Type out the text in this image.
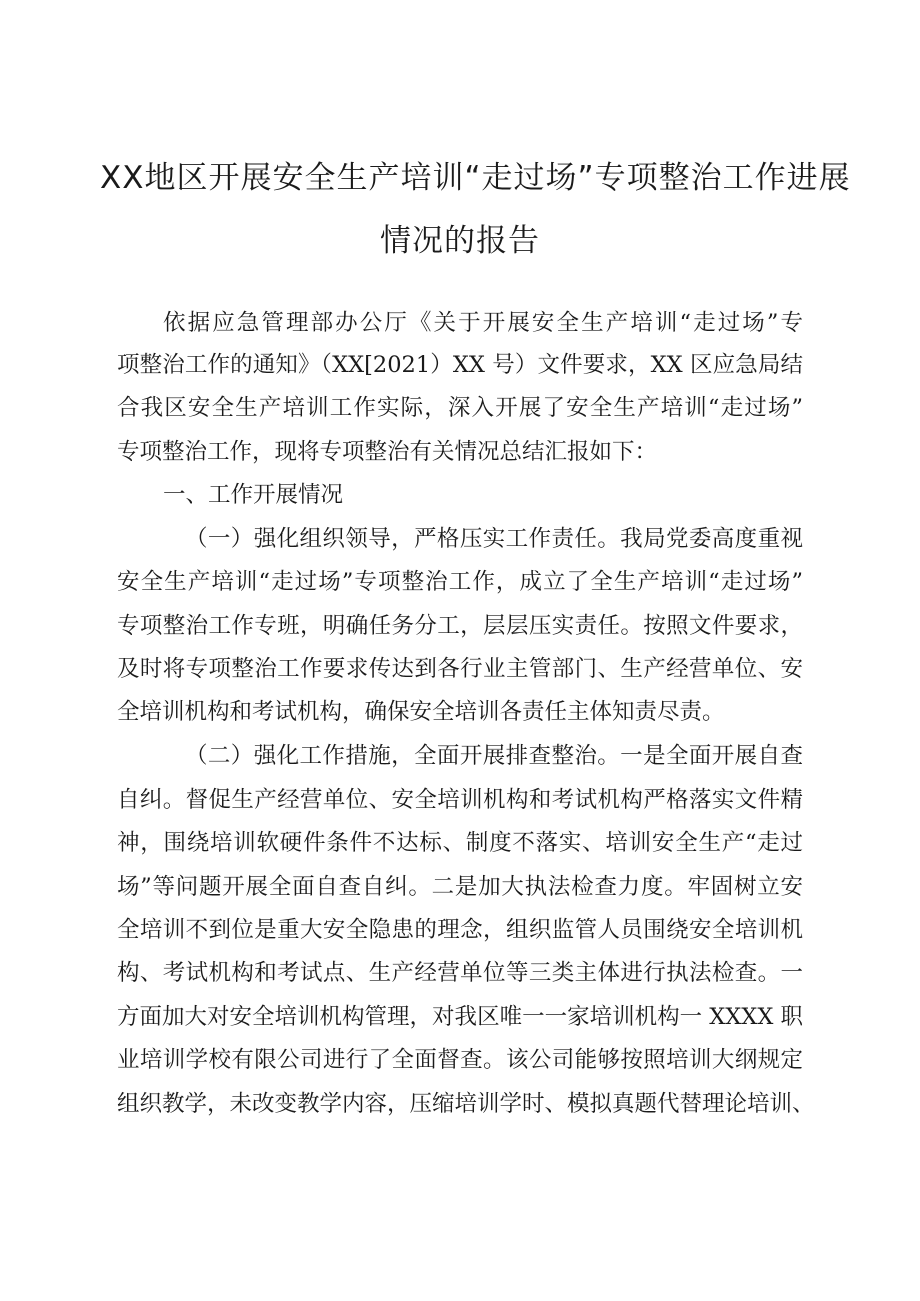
XX地区开展安全生产培训“走过场”专项整治工作进展
情况的报告
依据应急管理部办公厅《关于开展安全生产培训“走过场”专
项整治工作的通知》（XX[2021）XX 号）文件要求，XX 区应急局结
合我区安全生产培训工作实际，深入开展了安全生产培训“走过场”
专项整治工作，现将专项整治有关情况总结汇报如下：
一、工作开展情况
（一）强化组织领导，严格压实工作责任。我局党委高度重视
安全生产培训“走过场”专项整治工作，成立了全生产培训“走过场”
专项整治工作专班，明确任务分工，层层压实责任。按照文件要求，
及时将专项整治工作要求传达到各行业主管部门、生产经营单位、安
全培训机构和考试机构，确保安全培训各责任主体知责尽责。
（二）强化工作措施，全面开展排查整治。一是全面开展自查
自纠。督促生产经营单位、安全培训机构和考试机构严格落实文件精
神，围绕培训软硬件条件不达标、制度不落实、培训安全生产“走过
场”等问题开展全面自查自纠。二是加大执法检查力度。牢固树立安
全培训不到位是重大安全隐患的理念，组织监管人员围绕安全培训机
构、考试机构和考试点、生产经营单位等三类主体进行执法检查。一
方面加大对安全培训机构管理，对我区唯一一家培训机构一 XXXX 职
业培训学校有限公司进行了全面督查。该公司能够按照培训大纲规定
组织教学，未改变教学内容，压缩培训学时、模拟真题代替理论培训、
